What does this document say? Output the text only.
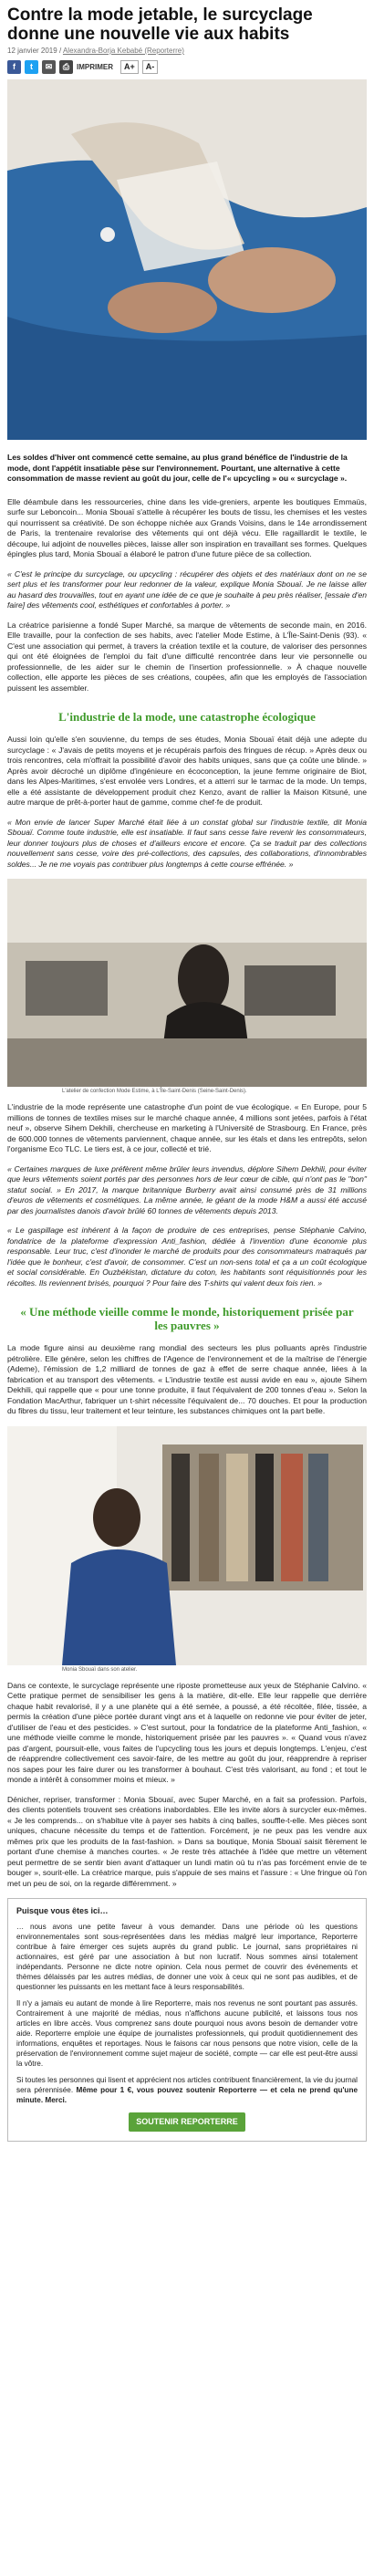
Contre la mode jetable, le surcyclage donne une nouvelle vie aux habits
12 janvier 2019 / Alexandra-Borja Kebabé (Reporterre)
f	t	✉	⎙ IMPRIMER	A+	A-
Les soldes d'hiver ont commencé cette semaine, au plus grand bénéfice de l'industrie de la mode, dont l'appétit insatiable pèse sur l'environnement. Pourtant, une alternative à cette consommation de masse revient au goût du jour, celle de l'« upcycling » ou « surcyclage ».

Elle déambule dans les ressourceries, chine dans les vide-greniers, arpente les boutiques Emmaüs, surfe sur Leboncoin... Monia Sbouaï s'attelle à récupérer les bouts de tissu, les chemises et les vestes qui nourrissent sa créativité. De son échoppe nichée aux Grands Voisins, dans le 14e arrondissement de Paris, la trentenaire revalorise des vêtements qui ont déjà vécu. Elle ragaillardit le textile, le découpe, lui adjoint de nouvelles pièces, laisse aller son inspiration en travaillant ses formes. Quelques épingles plus tard, Monia Sbouaï a élaboré le patron d'une future pièce de sa collection.

« C'est le principe du surcyclage, ou upcycling : récupérer des objets et des matériaux dont on ne se sert plus et les transformer pour leur redonner de la valeur, explique Monia Sbouaï. Je ne laisse aller au hasard des trouvailles, tout en ayant une idée de ce que je souhaite à peu près réaliser, [essaie d'en faire] des vêtements cool, esthétiques et confortables à porter. »

La créatrice parisienne a fondé Super Marché, sa marque de vêtements de seconde main, en 2016. Elle travaille, pour la confection de ses habits, avec l'atelier Mode Estime, à L'Île-Saint-Denis (93). « C'est une association qui permet, à travers la création textile et la couture, de valoriser des personnes qui ont été éloignées de l'emploi du fait d'une difficulté rencontrée dans leur vie personnelle ou professionnelle, de les aider sur le chemin de l'insertion professionnelle. » À chaque nouvelle collection, elle apporte les pièces de ses créations, coupées, afin que les employés de l'association puissent les assembler.

L'industrie de la mode, une catastrophe écologique

Aussi loin qu'elle s'en souvienne, du temps de ses études, Monia Sbouaï était déjà une adepte du surcyclage : « J'avais de petits moyens et je récupérais parfois des fringues de récup. » Après deux ou trois rencontres, cela m'offrait la possibilité d'avoir des habits uniques, sans que ça coûte une blinde. » Après avoir décroché un diplôme d'ingénieure en écoconception, la jeune femme originaire de Biot, dans les Alpes-Maritimes, s'est envolée vers Londres, et a atterri sur le tarmac de la mode. Un temps, elle a été assistante de développement produit chez Kenzo, avant de rallier la Maison Kitsuné, une autre marque de prêt-à-porter haut de gamme, comme chef·fe de produit.

« Mon envie de lancer Super Marché était liée à un constat global sur l'industrie textile, dit Monia Sbouaï. Comme toute industrie, elle est insatiable. Il faut sans cesse faire revenir les consommateurs, leur donner toujours plus de choses et d'ailleurs encore et encore. Ça se traduit par des collections nouvellement sans cesse, voire des pré-collections, des capsules, des collaborations, d'innombrables soldes... Je ne me voyais pas contribuer plus longtemps à cette course effrénée. »

L'atelier de confection Mode Estime, à L'Île-Saint-Denis (Seine-Saint-Denis).

L'industrie de la mode représente une catastrophe d'un point de vue écologique. « En Europe, pour 5 millions de tonnes de textiles mises sur le marché chaque année, 4 millions sont jetées, parfois à l'état neuf », observe Sihem Dekhili, chercheuse en marketing à l'Université de Strasbourg. En France, près de 600.000 tonnes de vêtements parviennent, chaque année, sur les étals et dans les entrepôts, selon l'organisme Eco TLC. Le tiers est, à ce jour, collecté et trié.

« Certaines marques de luxe préfèrent même brûler leurs invendus, déplore Sihem Dekhili, pour éviter que leurs vêtements soient portés par des personnes hors de leur cœur de cible, qui n'ont pas le "bon" statut social. » En 2017, la marque britannique Burberry avait ainsi consumé près de 31 millions d'euros de vêtements et cosmétiques. La même année, le géant de la mode H&M a aussi été accusé par des journalistes danois d'avoir brûlé 60 tonnes de vêtements depuis 2013.

« Le gaspillage est inhérent à la façon de produire de ces entreprises, pense Stéphanie Calvino, fondatrice de la plateforme d'expression Anti_fashion, dédiée à l'invention d'une économie plus responsable. Leur truc, c'est d'inonder le marché de produits pour des consommateurs matraqués par l'idée que le bonheur, c'est d'avoir, de consommer. C'est un non-sens total et ça a un coût écologique et social considérable. En Ouzbékistan, dictature du coton, les habitants sont réquisitionnés pour les récoltes. Ils reviennent brisés, pourquoi ? Pour faire des T-shirts qui valent deux fois rien. »

« Une méthode vieille comme le monde, historiquement prisée par les pauvres »

La mode figure ainsi au deuxième rang mondial des secteurs les plus polluants après l'industrie pétrolière. Elle génère, selon les chiffres de l'Agence de l'environnement et de la maîtrise de l'énergie (Ademe), l'émission de 1,2 milliard de tonnes de gaz à effet de serre chaque année, liées à la fabrication et au transport des vêtements. « L'industrie textile est aussi avide en eau », ajoute Sihem Dekhili, qui rappelle que « pour une tonne produite, il faut l'équivalent de 200 tonnes d'eau ». Selon la Fondation MacArthur, fabriquer un t-shirt nécessite l'équivalent de... 70 douches. Et pour la production du fibres du tissu, leur traitement et leur teinture, les substances chimiques ont la part belle.

Monia Sbouaï dans son atelier.

Dans ce contexte, le surcyclage représente une riposte prometteuse aux yeux de Stéphanie Calvino. « Cette pratique permet de sensibiliser les gens à la matière, dit-elle. Elle leur rappelle que derrière chaque habit revalorisé, il y a une planète qui a été semée, a poussé, a été récoltée, filée, tissée, a permis la création d'une pièce portée durant vingt ans et à laquelle on redonne vie pour éviter de jeter, d'utiliser de l'eau et des pesticides. » C'est surtout, pour la fondatrice de la plateforme Anti_fashion, « une méthode vieille comme le monde, historiquement prisée par les pauvres ». « Quand vous n'avez pas d'argent, poursuit-elle, vous faites de l'upcycling tous les jours et depuis longtemps. L'enjeu, c'est de réapprendre collectivement ces savoir-faire, de les mettre au goût du jour, réapprendre à repriser nos sapes pour les faire durer ou les transformer à bouhaut. C'est très valorisant, au fond ; et tout le monde a intérêt à consommer moins et mieux. »

Dénicher, repriser, transformer : Monia Sbouaï, avec Super Marché, en a fait sa profession. Parfois, des clients potentiels trouvent ses créations inabordables. Elle les invite alors à surcycler eux-mêmes. « Je les comprends... on s'habitue vite à payer ses habits à cinq balles, souffle-t-elle. Mes pièces sont uniques, chacune nécessite du temps et de l'attention. Forcément, je ne peux pas les vendre aux mêmes prix que les produits de la fast-fashion. » Dans sa boutique, Monia Sbouaï saisit fièrement le portant d'une chemise à manches courtes. « Je reste très attachée à l'idée que mettre un vêtement peut permettre de se sentir bien avant d'attaquer un lundi matin où tu n'as pas forcément envie de te bouger », sourit-elle. La créatrice marque, puis s'appuie de ses mains et l'assure : « Une fringue où l'on met un peu de soi, on la regarde différemment. »

Puisque vous êtes ici…

… nous avons une petite faveur à vous demander. Dans une période où les questions environnementales sont sous-représentées dans les médias malgré leur importance, Reporterre contribue à faire émerger ces sujets auprès du grand public. Le journal, sans propriétaires ni actionnaires, est géré par une association à but non lucratif. Nous sommes ainsi totalement indépendants. Personne ne dicte notre opinion. Cela nous permet de couvrir des événements et thèmes délaissés par les autres médias, de donner une voix à ceux qui ne sont pas audibles, et de questionner les puissants en les mettant face à leurs responsabilités.

Il n'y a jamais eu autant de monde à lire Reporterre, mais nos revenus ne sont pourtant pas assurés. Contrairement à une majorité de médias, nous n'affichons aucune publicité, et laissons tous nos articles en libre accès. Vous comprenez sans doute pourquoi nous avons besoin de demander votre aide. Reporterre emploie une équipe de journalistes professionnels, qui produit quotidiennement des informations, enquêtes et reportages. Nous le faisons car nous pensons que notre vision, celle de la préservation de l'environnement comme sujet majeur de société, compte — car elle est peut-être aussi la vôtre.

Si toutes les personnes qui lisent et apprécient nos articles contribuent financièrement, la vie du journal sera pérennisée. Même pour 1 €, vous pouvez soutenir Reporterre — et cela ne prend qu'une minute. Merci.

SOUTENIR REPORTERRE
